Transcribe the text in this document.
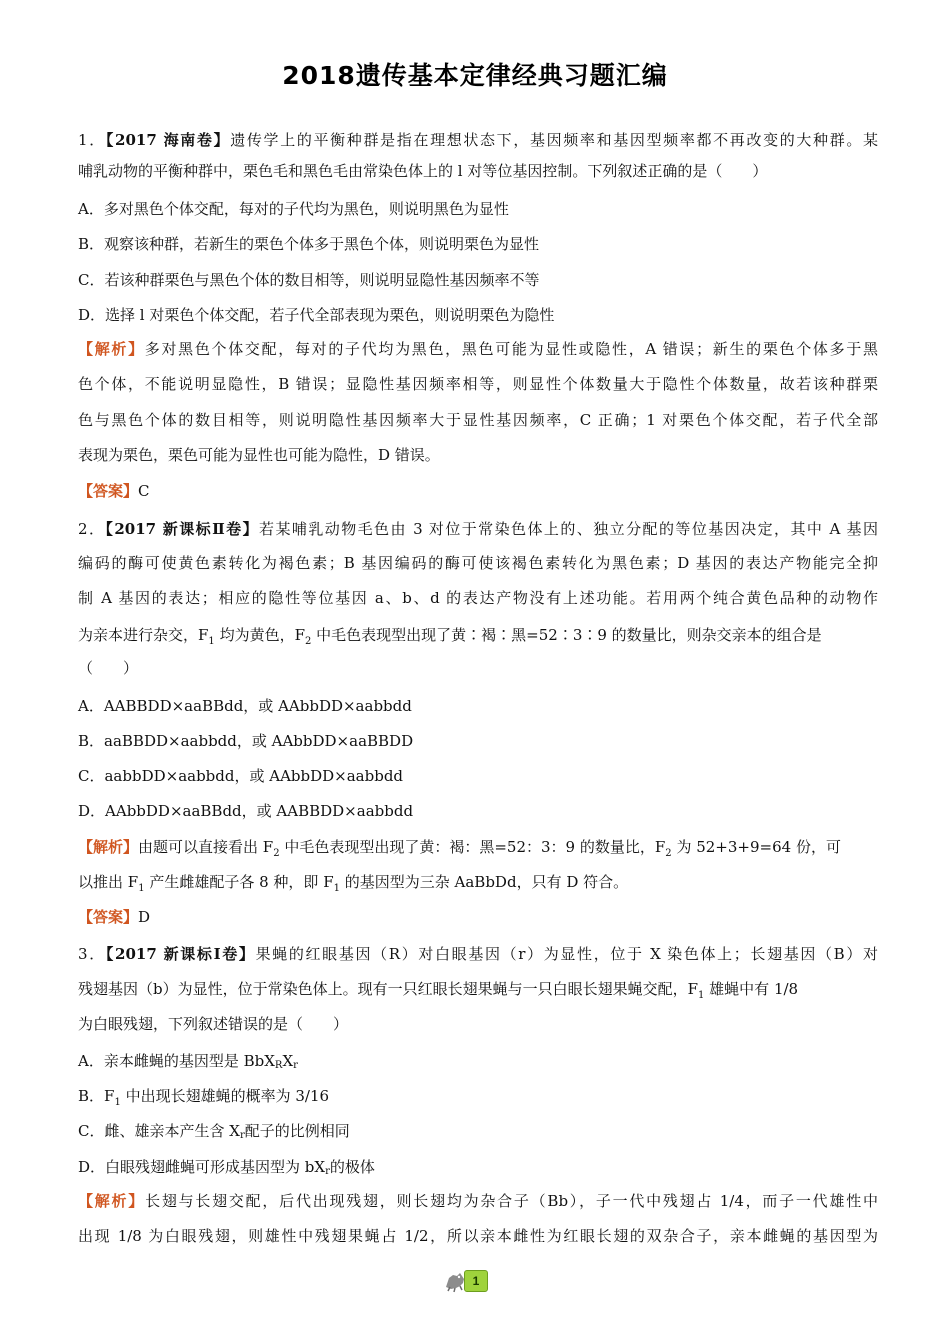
2018遗传基本定律经典习题汇编
1．【2017 海南卷】遗传学上的平衡种群是指在理想状态下，基因频率和基因型频率都不再改变的大种群。某
哺乳动物的平衡种群中，栗色毛和黑色毛由常染色体上的 l 对等位基因控制。下列叙述正确的是（　　）
A．多对黑色个体交配，每对的子代均为黑色，则说明黑色为显性
B．观察该种群，若新生的栗色个体多于黑色个体，则说明栗色为显性
C．若该种群栗色与黑色个体的数目相等，则说明显隐性基因频率不等
D．选择 l 对栗色个体交配，若子代全部表现为栗色，则说明栗色为隐性
【解析】多对黑色个体交配，每对的子代均为黑色，黑色可能为显性或隐性，A 错误；新生的栗色个体多于黑
色个体，不能说明显隐性，B 错误；显隐性基因频率相等，则显性个体数量大于隐性个体数量，故若该种群栗
色与黑色个体的数目相等，则说明隐性基因频率大于显性基因频率，C 正确；1 对栗色个体交配，若子代全部
表现为栗色，栗色可能为显性也可能为隐性，D 错误。
【答案】C
2．【2017 新课标Ⅱ卷】若某哺乳动物毛色由 3 对位于常染色体上的、独立分配的等位基因决定，其中 A 基因
编码的酶可使黄色素转化为褐色素；B 基因编码的酶可使该褐色素转化为黑色素；D 基因的表达产物能完全抑
制 A 基因的表达；相应的隐性等位基因 a、b、d 的表达产物没有上述功能。若用两个纯合黄色品种的动物作
为亲本进行杂交，$F_1$ 均为黄色，$F_2$ 中毛色表现型出现了黄∶褐∶黑=52∶3∶9 的数量比，则杂交亲本的组合是
（　　）
A．AABBDD×aaBBdd，或 AAbbDD×aabbdd
B．aaBBDD×aabbdd，或 AAbbDD×aaBBDD
C．aabbDD×aabbdd，或 AAbbDD×aabbdd
D．AAbbDD×aaBBdd，或 AABBDD×aabbdd
【解析】由题可以直接看出 $F_2$ 中毛色表现型出现了黄：褐：黑=52：3：9 的数量比，$F_2$ 为 52+3+9=64 份，可
以推出 $F_1$ 产生雌雄配子各 8 种，即 $F_1$ 的基因型为三杂 AaBbDd，只有 D 符合。
【答案】D
3．【2017 新课标Ⅰ卷】果蝇的红眼基因（R）对白眼基因（r）为显性，位于 X 染色体上；长翅基因（B）对
残翅基因（b）为显性，位于常染色体上。现有一只红眼长翅果蝇与一只白眼长翅果蝇交配，$F_1$ 雄蝇中有 1/8
为白眼残翅，下列叙述错误的是（　　）
A．亲本雌蝇的基因型是 $BbX_RX_r$
B．$F_1$ 中出现长翅雄蝇的概率为 3/16
C．雌、雄亲本产生含 $X_r$配子的比例相同
D．白眼残翅雌蝇可形成基因型为 $bX_r$的极体
【解析】长翅与长翅交配，后代出现残翅，则长翅均为杂合子（Bb），子一代中残翅占 1/4，而子一代雄性中
出现 1/8 为白眼残翅，则雄性中残翅果蝇占 1/2，所以亲本雌性为红眼长翅的双杂合子，亲本雌蝇的基因型为
1
